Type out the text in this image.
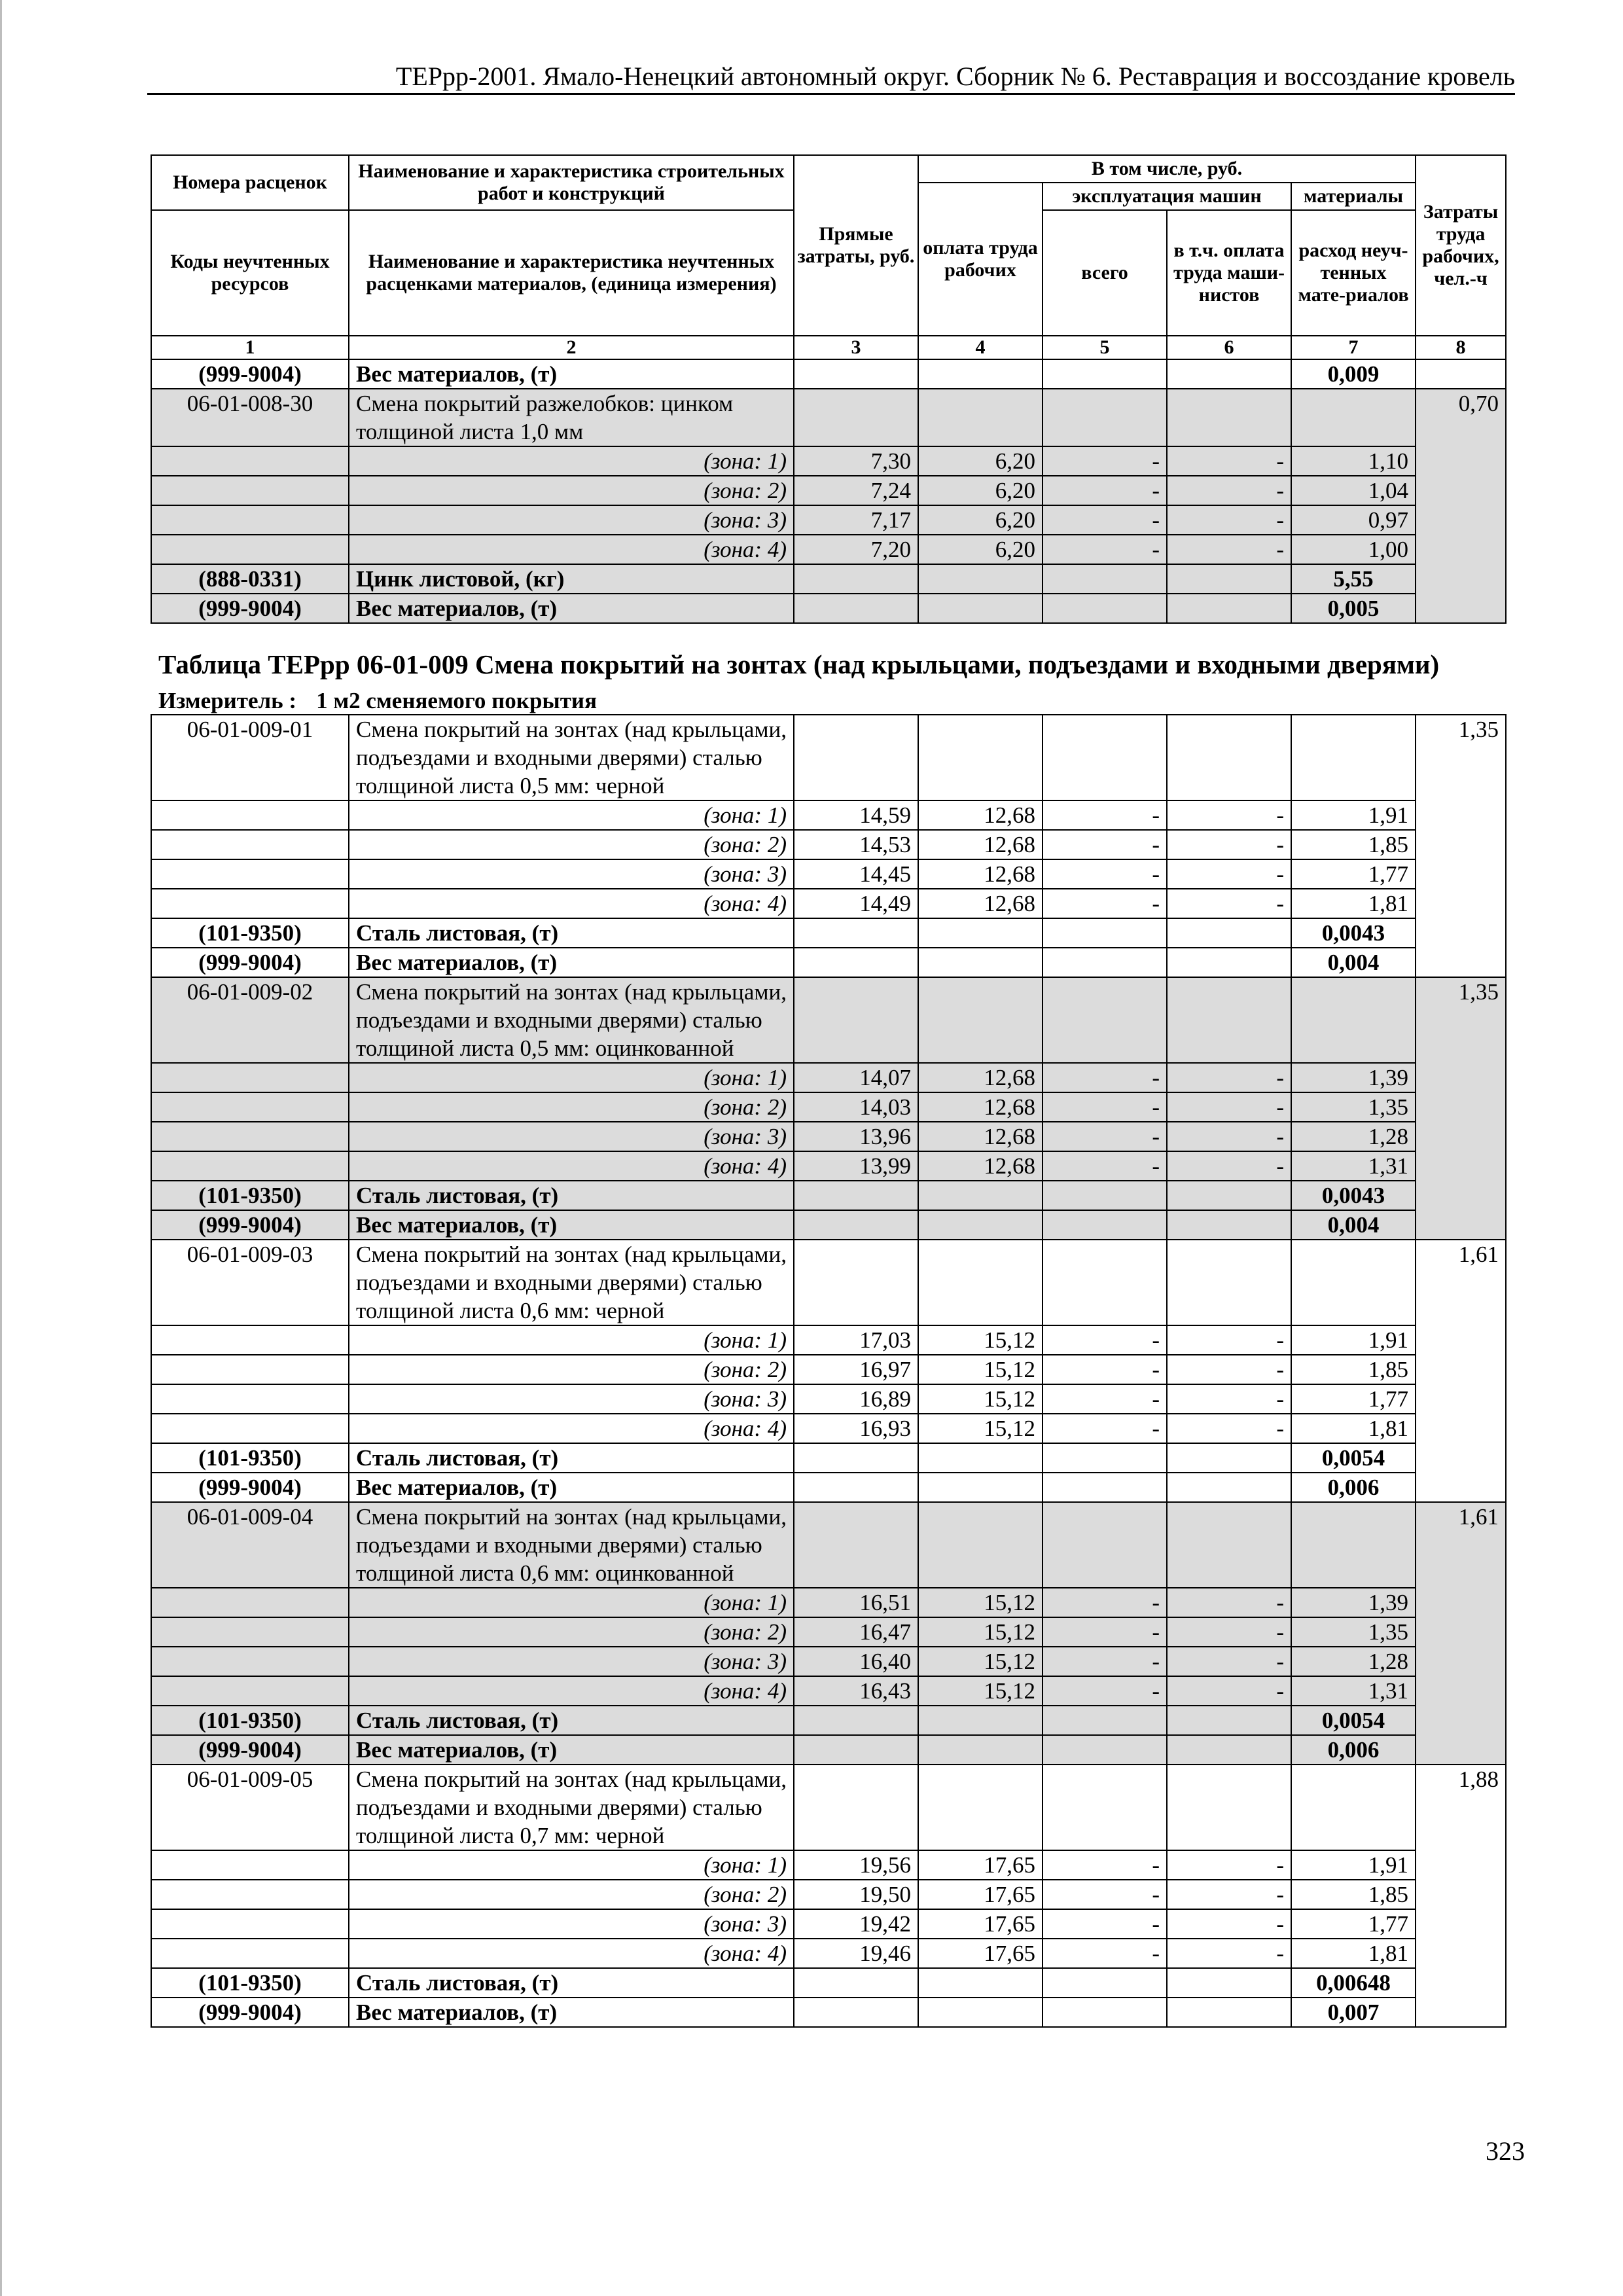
ТЕРрр-2001. Ямало-Ненецкий автономный округ. Сборник № 6. Реставрация и воссоздание кровель
Номера расценок	Наименование и характеристика строительных работ и конструкций	Прямые затраты, руб.	В том числе, руб.				Затраты труда рабочих, чел.-ч
			оплата труда рабочих	эксплуатация машин		материалы	
Коды неучтенных ресурсов	Наименование и характеристика неучтенных расценками материалов, (единица измерения)			всего	в т.ч. оплата труда маши-нистов	расход неуч-тенных мате-риалов	
1	2	3	4	5	6	7	8
(999-9004)	Вес материалов, (т)					0,009	
06-01-008-30	Смена покрытий разжелобков: цинком толщиной листа 1,0 мм						0,70
	(зона: 1)	7,30	6,20	-	-	1,10	
	(зона: 2)	7,24	6,20	-	-	1,04	
	(зона: 3)	7,17	6,20	-	-	0,97	
	(зона: 4)	7,20	6,20	-	-	1,00	
(888-0331)	Цинк листовой, (кг)					5,55	
(999-9004)	Вес материалов, (т)					0,005	
Таблица ТЕРрр 06-01-009 Смена покрытий на зонтах (над крыльцами, подъездами и входными дверями)
Измеритель : 1 м2 сменяемого покрытия
06-01-009-01	Смена покрытий на зонтах (над крыльцами, подъездами и входными дверями) сталью толщиной листа 0,5 мм: черной						1,35
	(зона: 1)	14,59	12,68	-	-	1,91	
	(зона: 2)	14,53	12,68	-	-	1,85	
	(зона: 3)	14,45	12,68	-	-	1,77	
	(зона: 4)	14,49	12,68	-	-	1,81	
(101-9350)	Сталь листовая, (т)					0,0043	
(999-9004)	Вес материалов, (т)					0,004	
06-01-009-02	Смена покрытий на зонтах (над крыльцами, подъездами и входными дверями) сталью толщиной листа 0,5 мм: оцинкованной						1,35
	(зона: 1)	14,07	12,68	-	-	1,39	
	(зона: 2)	14,03	12,68	-	-	1,35	
	(зона: 3)	13,96	12,68	-	-	1,28	
	(зона: 4)	13,99	12,68	-	-	1,31	
(101-9350)	Сталь листовая, (т)					0,0043	
(999-9004)	Вес материалов, (т)					0,004	
06-01-009-03	Смена покрытий на зонтах (над крыльцами, подъездами и входными дверями) сталью толщиной листа 0,6 мм: черной						1,61
	(зона: 1)	17,03	15,12	-	-	1,91	
	(зона: 2)	16,97	15,12	-	-	1,85	
	(зона: 3)	16,89	15,12	-	-	1,77	
	(зона: 4)	16,93	15,12	-	-	1,81	
(101-9350)	Сталь листовая, (т)					0,0054	
(999-9004)	Вес материалов, (т)					0,006	
06-01-009-04	Смена покрытий на зонтах (над крыльцами, подъездами и входными дверями) сталью толщиной листа 0,6 мм: оцинкованной						1,61
	(зона: 1)	16,51	15,12	-	-	1,39	
	(зона: 2)	16,47	15,12	-	-	1,35	
	(зона: 3)	16,40	15,12	-	-	1,28	
	(зона: 4)	16,43	15,12	-	-	1,31	
(101-9350)	Сталь листовая, (т)					0,0054	
(999-9004)	Вес материалов, (т)					0,006	
06-01-009-05	Смена покрытий на зонтах (над крыльцами, подъездами и входными дверями) сталью толщиной листа 0,7 мм: черной						1,88
	(зона: 1)	19,56	17,65	-	-	1,91	
	(зона: 2)	19,50	17,65	-	-	1,85	
	(зона: 3)	19,42	17,65	-	-	1,77	
	(зона: 4)	19,46	17,65	-	-	1,81	
(101-9350)	Сталь листовая, (т)					0,00648	
(999-9004)	Вес материалов, (т)					0,007	
323
